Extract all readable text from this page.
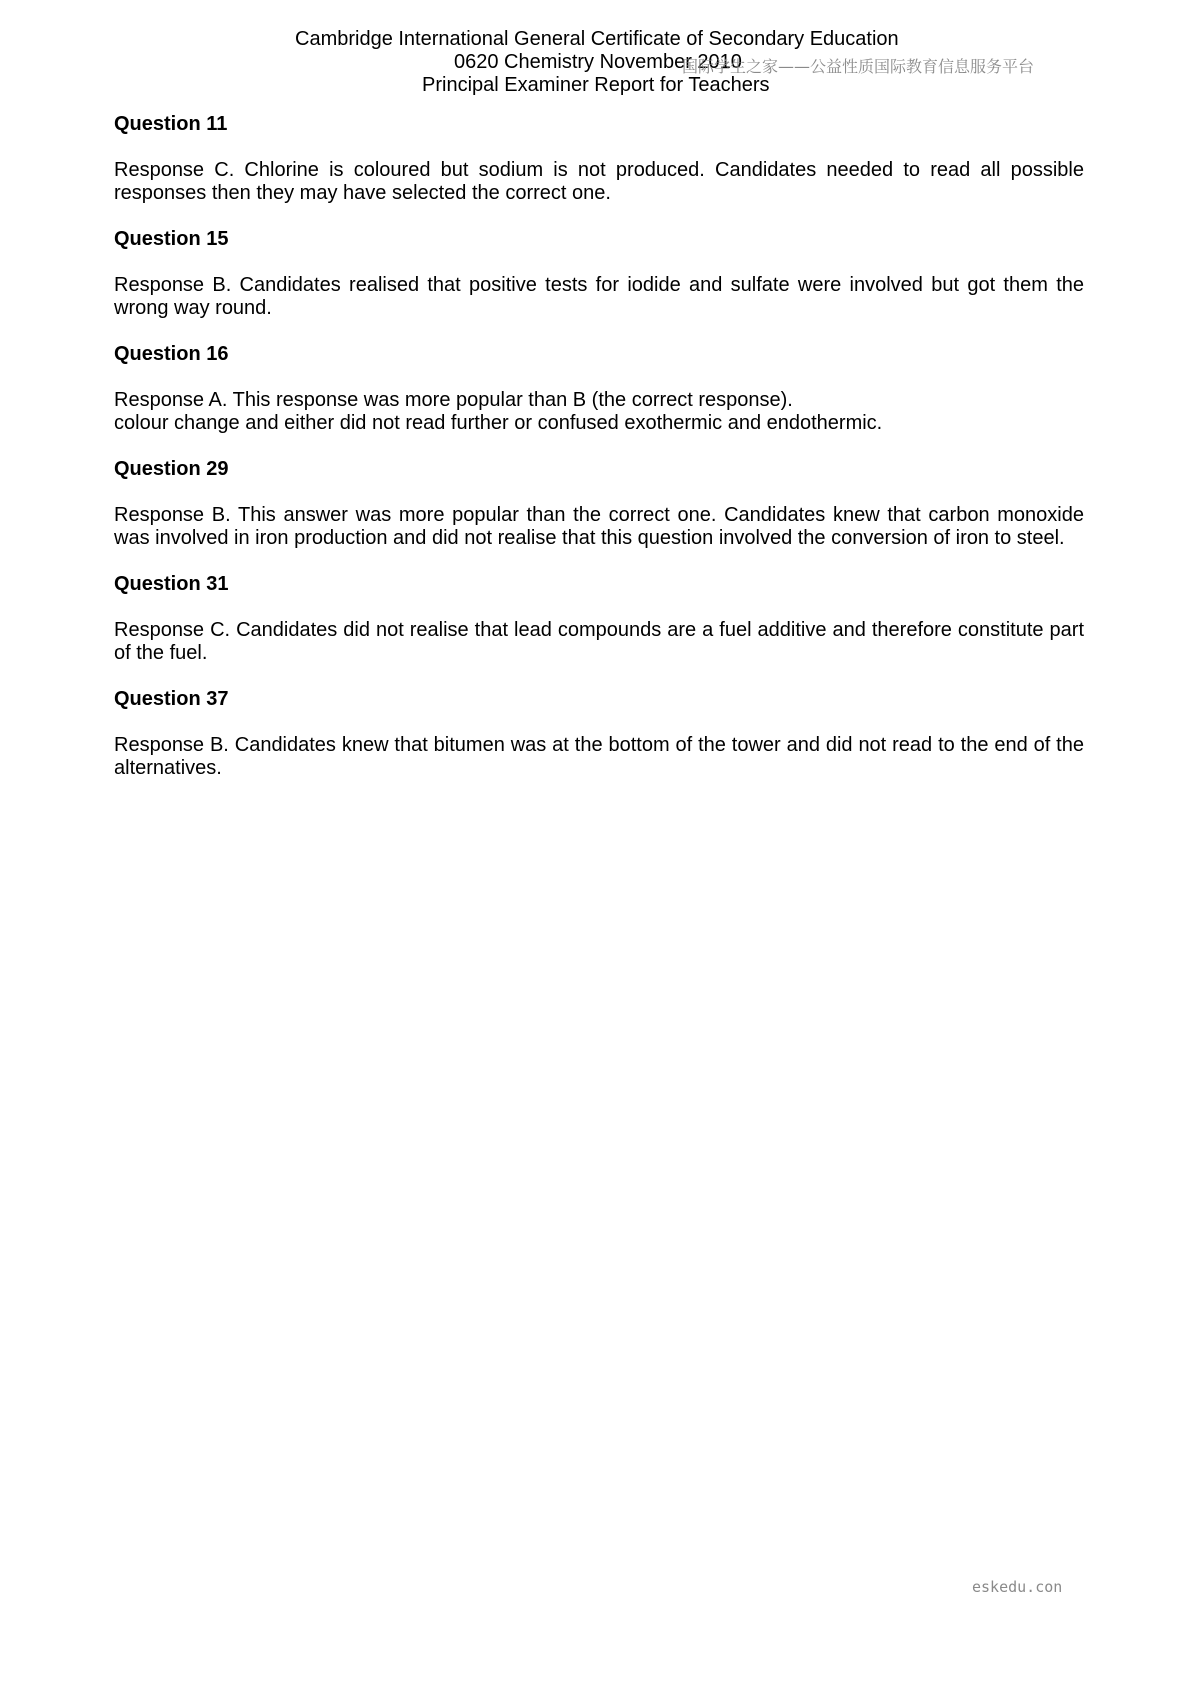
Cambridge International General Certificate of Secondary Education
0620 Chemistry November 2010
Principal Examiner Report for Teachers
国际学生之家——公益性质国际教育信息服务平台

Question 11

Response C. Chlorine is coloured but sodium is not produced. Candidates needed to read all possible responses then they may have selected the correct one.

Question 15

Response B. Candidates realised that positive tests for iodide and sulfate were involved but got them the wrong way round.

Question 16

Response A. This response was more popular than B (the correct response).
colour change and either did not read further or confused exothermic and endothermic.

Question 29

Response B. This answer was more popular than the correct one. Candidates knew that carbon monoxide was involved in iron production and did not realise that this question involved the conversion of iron to steel.

Question 31

Response C. Candidates did not realise that lead compounds are a fuel additive and therefore constitute part of the fuel.

Question 37

Response B. Candidates knew that bitumen was at the bottom of the tower and did not read to the end of the alternatives.

eskedu.con
